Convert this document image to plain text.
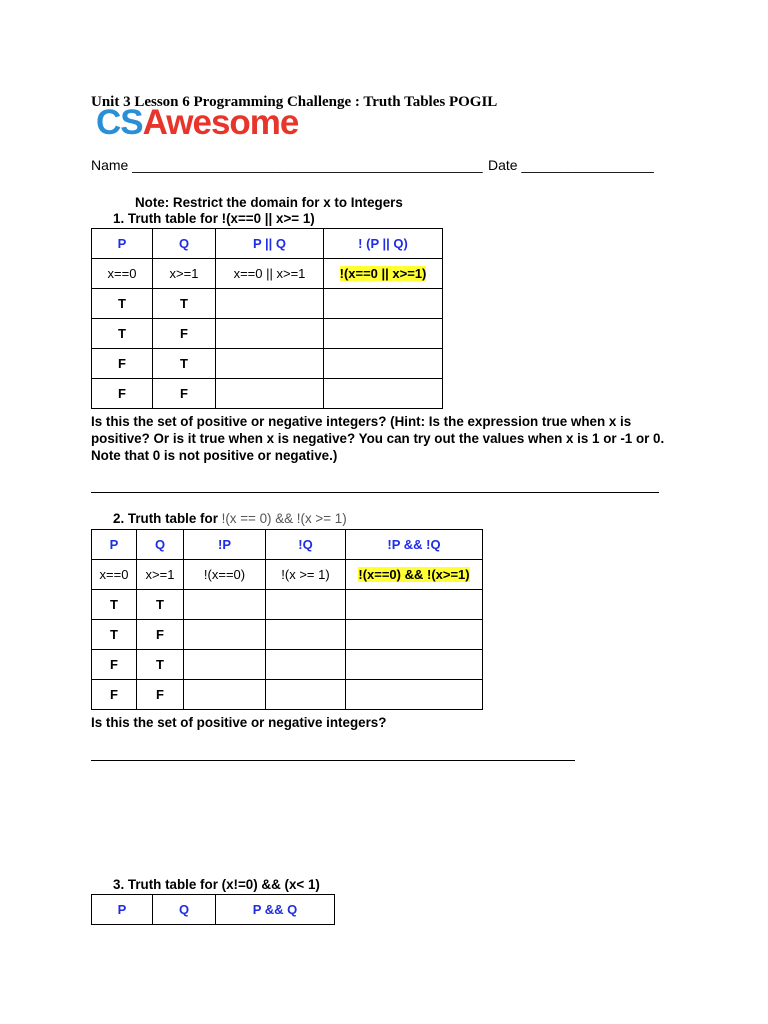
Unit 3 Lesson 6 Programming Challenge : Truth Tables POGIL
CSAwesome
Name _____________________________________________ Date _________________
Note: Restrict the domain for x to Integers
1. Truth table for !(x==0 || x>= 1)
P	Q	P || Q	! (P || Q)
x==0	x>=1	x==0 || x>=1	!(x==0 || x>=1)
T	T		
T	F		
F	T		
F	F		
Is this the set of positive or negative integers? (Hint: Is the expression true when x is positive? Or is it true when x is negative? You can try out the values when x is 1 or -1 or 0. Note that 0 is not positive or negative.)
2. Truth table for !(x == 0) && !(x >= 1)
P	Q	!P	!Q	!P && !Q
x==0	x>=1	!(x==0)	!(x >= 1)	!(x==0) && !(x>=1)
T	T			
T	F			
F	T			
F	F			
Is this the set of positive or negative integers?
3. Truth table for (x!=0) && (x< 1)
P	Q	P && Q
